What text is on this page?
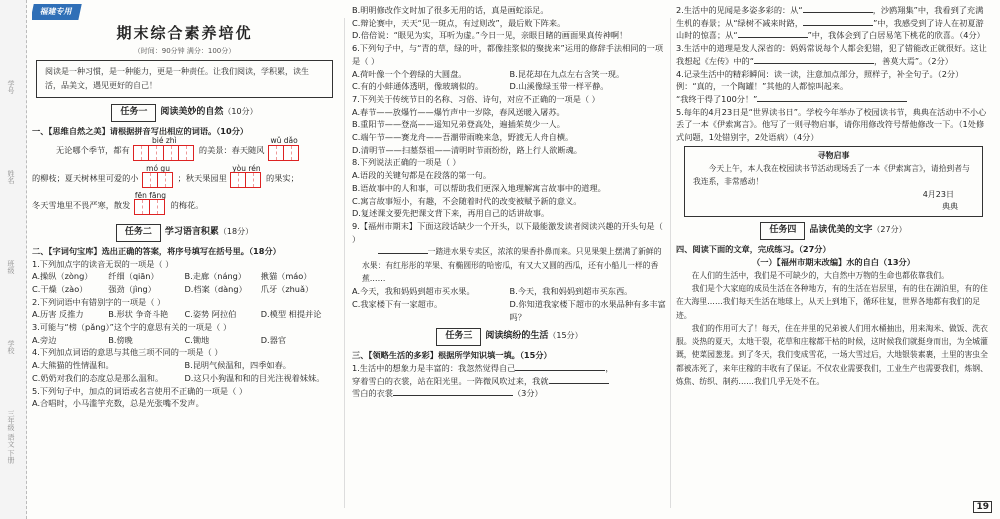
学号
姓名
班级
学校
三年级 语文 下册
福建专用
期末综合素养培优
（时间：90分钟 满分：100分）
阅读是一种习惯，是一种能力，更是一种责任。让我们阅读，学积累，读生活，品美文，遇见更好的自己！
任务一 阅读美妙的自然（10分）

一、【思维自然之美】请根据拼音写出相应的词语。（10分）

无论哪个季节，都有
bié zhì
的美景：春天随风
wǔ dǎo

的柳枝；夏天树林里可爱的小
mó gu
；秋天果园里
yòu rén
的果实；

冬天雪地里不畏严寒，散发
fēn fāng
的梅花。

任务二 学习语言积累（18分）

二、【字词句宝库】选出正确的答案，将序号填写在括号里。（18分）

1.下列加点字的读音无误的一项是（ ）

A.操纵（zòng）	纤细（qiān）	B.走廊（náng）	揪猫（máo）
C.干燥（zào）	强劲（jìng）	D.档案（dàng）	爪牙（zhuǎ）

2.下列词语中有错别字的一项是（ ）

A.历害 反推力	B.形状 争奇斗艳	C.姿势 阿拉伯	D.模型 相提并论

3.可能与“榜（pǎng）”这个字的意思有关的一项是（ ）

A.旁边	B.傍晚	C.锄地	D.器官

4.下列加点词语的意思与其他三项不同的一项是（ ）

A.大熊猫的性情温和。	B.昆明气候温和，四季如春。
C.奶奶对我们的态度总是那么温和。	D.这只小狗温和和的目光注视着妹妹。

5.下列句子中，加点的词语或名言使用不正确的一项是（ ）

A.合唱时，小马滥竽充数，总是光张嘴不发声。

B.明明修改作文时加了很多无用的话，真是画蛇添足。

C.辩论赛中，天天“见一斑点，有过则改”，最后败下阵来。

D.倍倍说：“眼见为实，耳听为虚。”今日一见，亲眼目睹的画面果真传神啊！

6.下列句子中，与“青的草，绿的叶，都像挂浆似的聚拢来”运用的修辞手法相同的一项是（ ）

A.荷叶像一个个碧绿的大圆盘。	B.昆花却在九点左右含笑一现。
C.有的小蚌通体透明，像玻璃似的。	D.山溪像绿玉带一样平静。

7.下列关于传统节日的名称、习俗、诗句，对应不正确的一项是（ ）

A.春节——放爆竹——爆竹声中一岁除，春风送暖入屠苏。

B.重阳节——登高——遥知兄弟登高处，遍插茱萸少一人。

C.端午节——赛龙舟——吾潮带雨晚来急，野渡无人舟自横。

D.清明节——扫墓祭祖——清明时节雨纷纷，路上行人欲断魂。

8.下列说法正确的一项是（ ）

A.语段的关键句都是在段落的第一句。

B.语故事中的人和事，可以帮助我们更深入地理解寓言故事中的道理。

C.寓言故事短小，有趣，不会随着时代的改变被赋予新的意义。

D.复述课文要先把课文背下来，再用自己的话讲故事。

9.【福州市期末】下面这段话缺少一个开头，以下最能激发读者阅读兴趣的开头句是（ ）

一踏进水果专卖区，浓浓的果香扑鼻而来。只见果架上摆满了新鲜的水果：有红彤彤的苹果、有椭圆形的哈密瓜，有又大又圆的西瓜，还有小船儿一样的香蕉……

A.今天，我和妈妈到超市买水果。	B.今天，我和妈妈到超市买东西。
C.我家楼下有一家超市。	D.你知道我家楼下超市的水果品种有多丰富吗？
任务三 阅读缤纷的生活（15分）

三、【领略生活的多彩】根据所学知识填一填。（15分）

1.生活中的想象力是丰富的：我忽然觉得自己	，

穿着雪白的衣裳，站在阳光里。一阵微风吹过来，我就

雪白的衣裳	（3分）

2.生活中的见闻是多姿多彩的：从“	，沙鸥翔集”中，我看到了充满生机的春景；从“绿树不减来时路，	”中，我感受到了诗人在初夏游山时的惊喜；从“	”中，我体会到了白居易笔下桃花的欣喜。（4分）

3.生活中的道理是发人深省的：妈妈常说每个人都会犯错，犯了错能改正就很好。这让我想起《左传》中的“	，善莫大焉”。（2分）

4.记录生活中的精彩瞬间：读一读，注意加点部分，照样子，补全句子。（2分）

例：“真的，一个陶罐！”其他的人都惊叫起来。

“我终于得了100分！”

5.每年的4月23日是“世界读书日”。学校今年举办了校园读书节，典典在活动中不小心丢了一本《伊索寓言》。他写了一则寻物启事，请你用修改符号帮他修改一下。（1处修式问题，1处错别字，2处语病）（4分）

寻物启事

今天上午，本人我在校园读书节活动现场丢了一本《伊索寓言》，请拾到者与我连系，非常感动！

4月23日
典典
任务四 品读优美的文字（27分）

四、阅读下面的文章，完成练习。（27分）

（一）【福州市期末改编】水的自白（13分）

在人们的生活中，我们是不可缺少的，大自然中万物的生命也都依靠我们。

我们是个大家庭的成员生活在各种地方，有的生活在岩层里，有的住在湖泊里，有的住在大海里……我们每天生活在地球上，从天上到地下，循环往复，世界各地都有我们的足迹。

我们的作用可大了！每天，住在井里的兄弟被人们用水桶抽出，用来淘米、做饭、洗衣服。炎热的夏天，太地干裂，花草和庄稼都干枯的时候，这时候我们就挺身而出，为全城灌溉，使菜园葱茏。到了冬天，我们变成雪花，一场大雪过后，大地银装素裹，土里的害虫全都被冻死了，来年庄稼的丰收有了保证。不仅农业需要我们，工业生产也需要我们，炼钢、炼焦、纺织、制药……我们几乎无处不在。

19
